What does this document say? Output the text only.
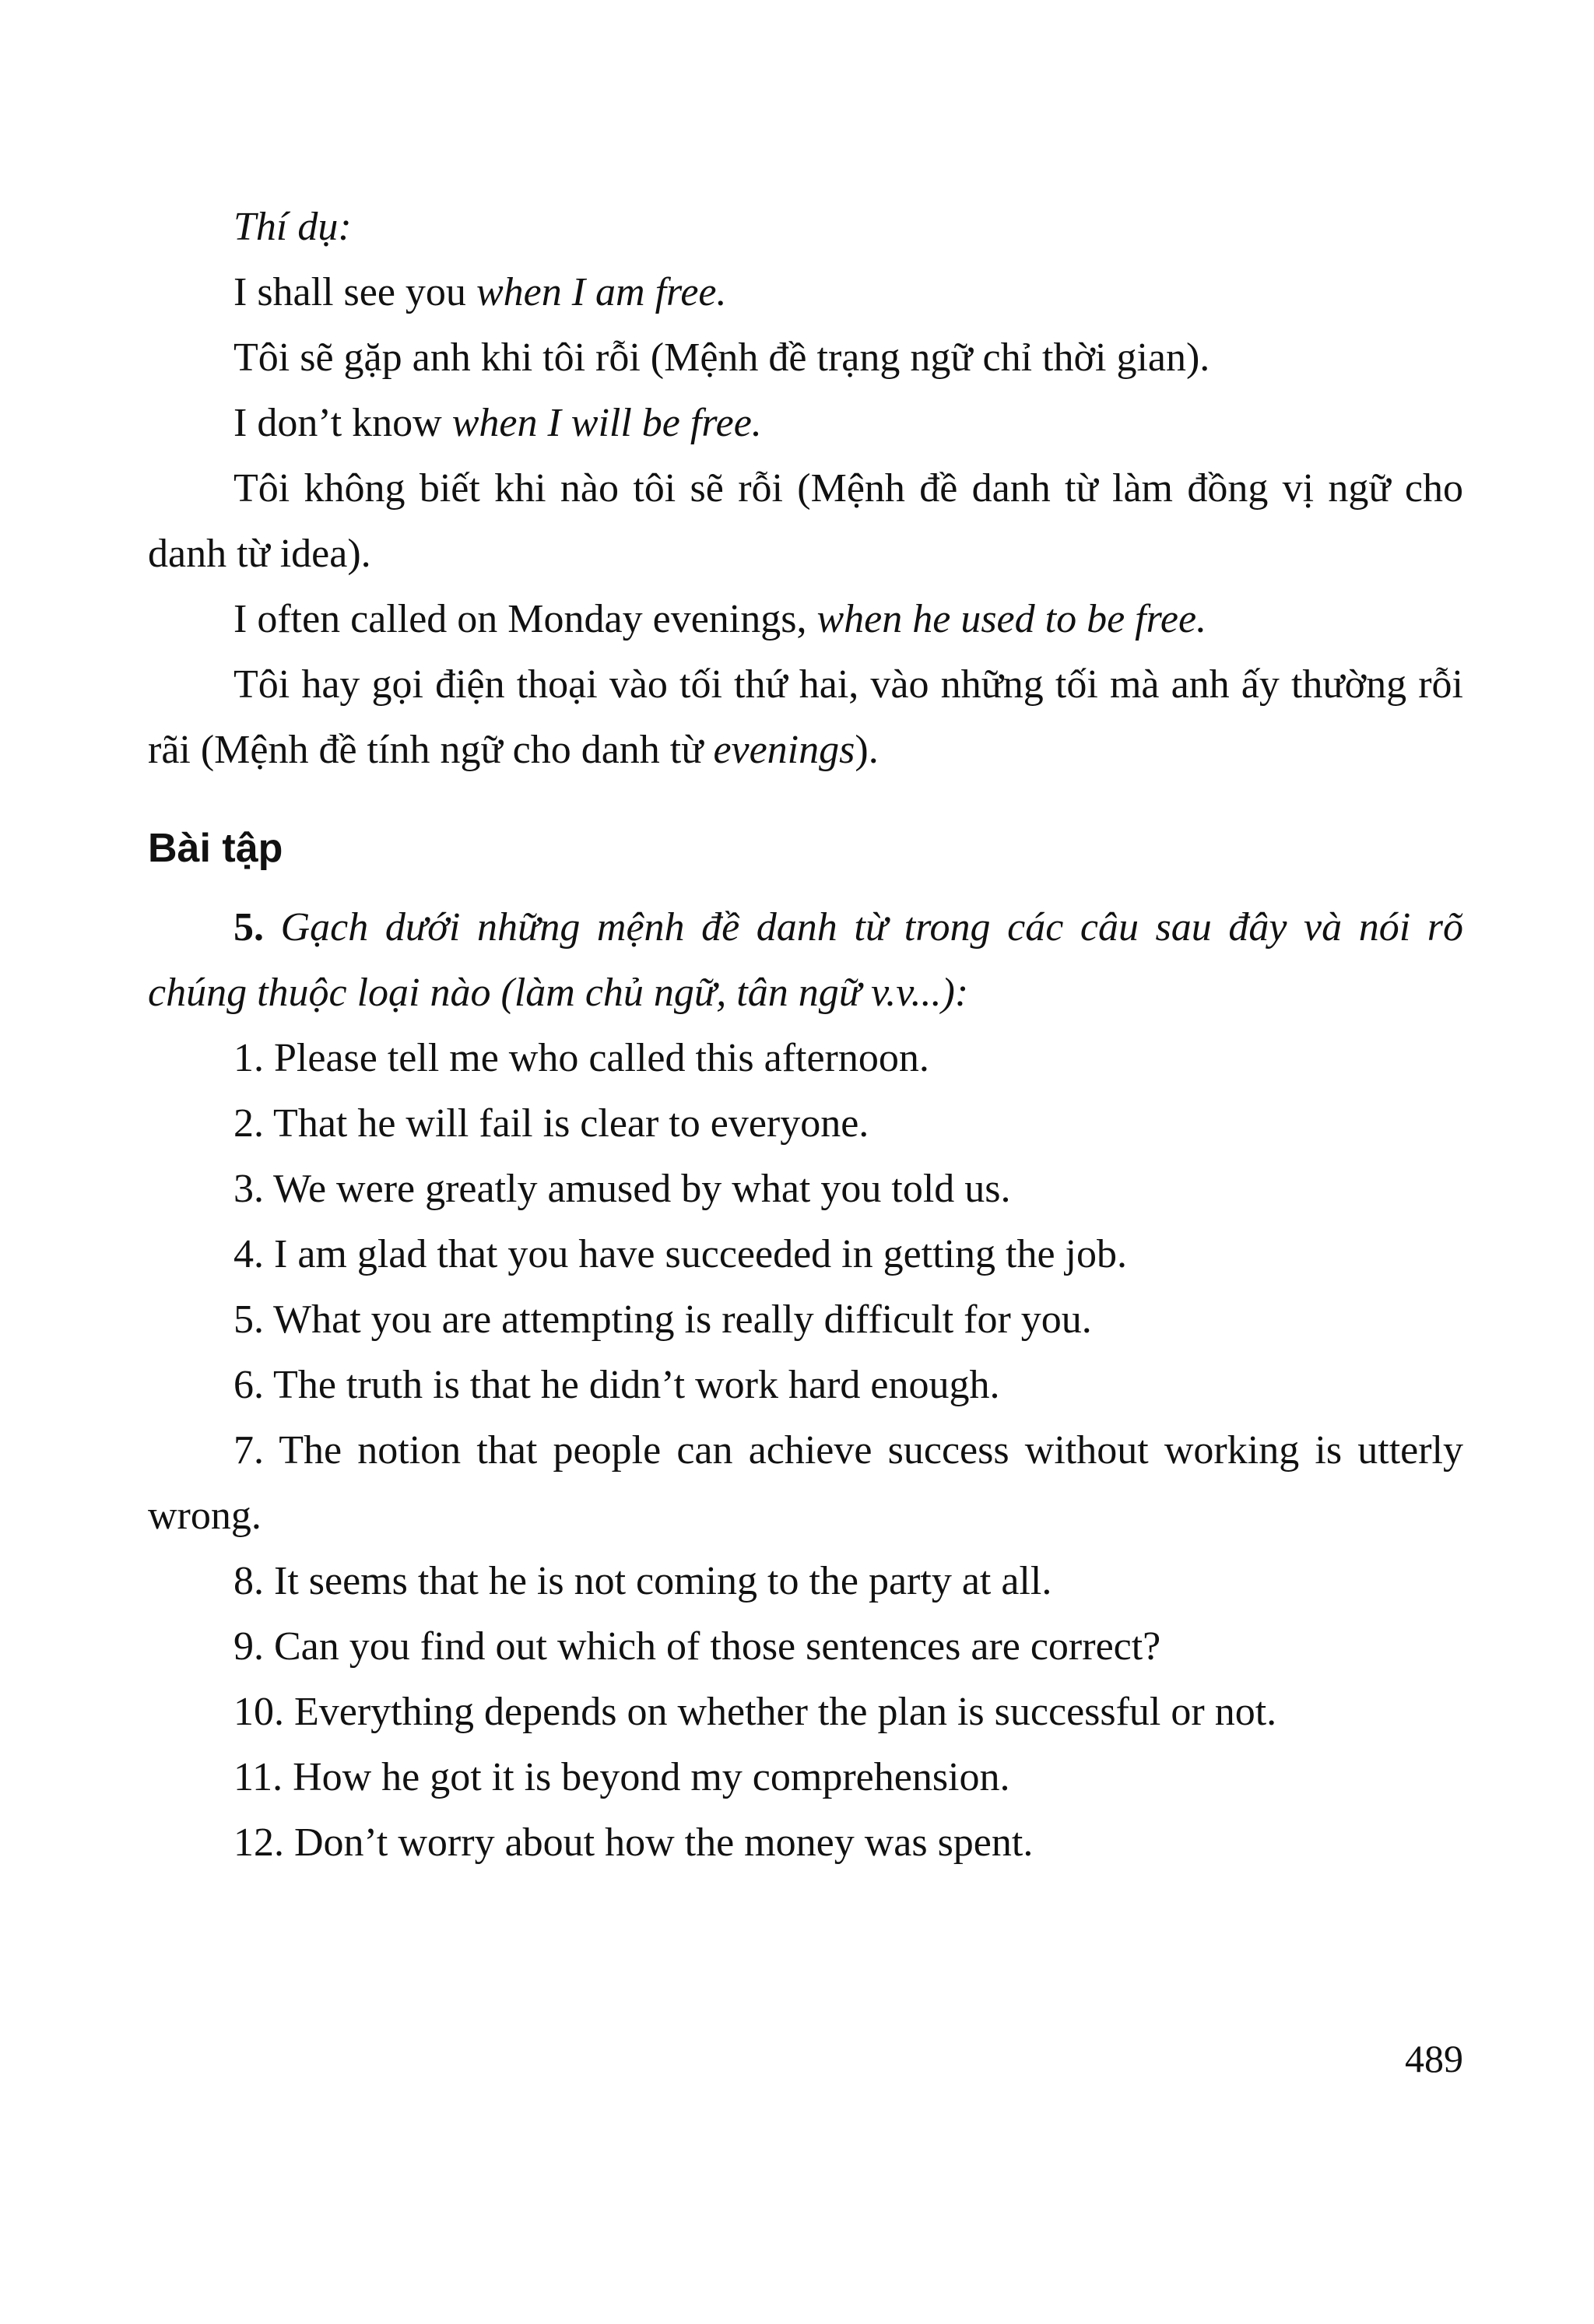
Thí dụ:

I shall see you when I am free.

Tôi sẽ gặp anh khi tôi rỗi (Mệnh đề trạng ngữ chỉ thời gian).

I don’t know when I will be free.

Tôi không biết khi nào tôi sẽ rỗi (Mệnh đề danh từ làm đồng vị ngữ cho danh từ idea).

I often called on Monday evenings, when he used to be free.

Tôi hay gọi điện thoại vào tối thứ hai, vào những tối mà anh ấy thường rỗi rãi (Mệnh đề tính ngữ cho danh từ evenings).

Bài tập

5. Gạch dưới những mệnh đề danh từ trong các câu sau đây và nói rõ chúng thuộc loại nào (làm chủ ngữ, tân ngữ v.v...):

1. Please tell me who called this afternoon.

2. That he will fail is clear to everyone.

3. We were greatly amused by what you told us.

4. I am glad that you have succeeded in getting the job.

5. What you are attempting is really difficult for you.

6. The truth is that he didn’t work hard enough.

7. The notion that people can achieve success without working is utterly wrong.

8. It seems that he is not coming to the party at all.

9. Can you find out which of those sentences are correct?

10. Everything depends on whether the plan is successful or not.

11. How he got it is beyond my comprehension.

12. Don’t worry about how the money was spent.

489
